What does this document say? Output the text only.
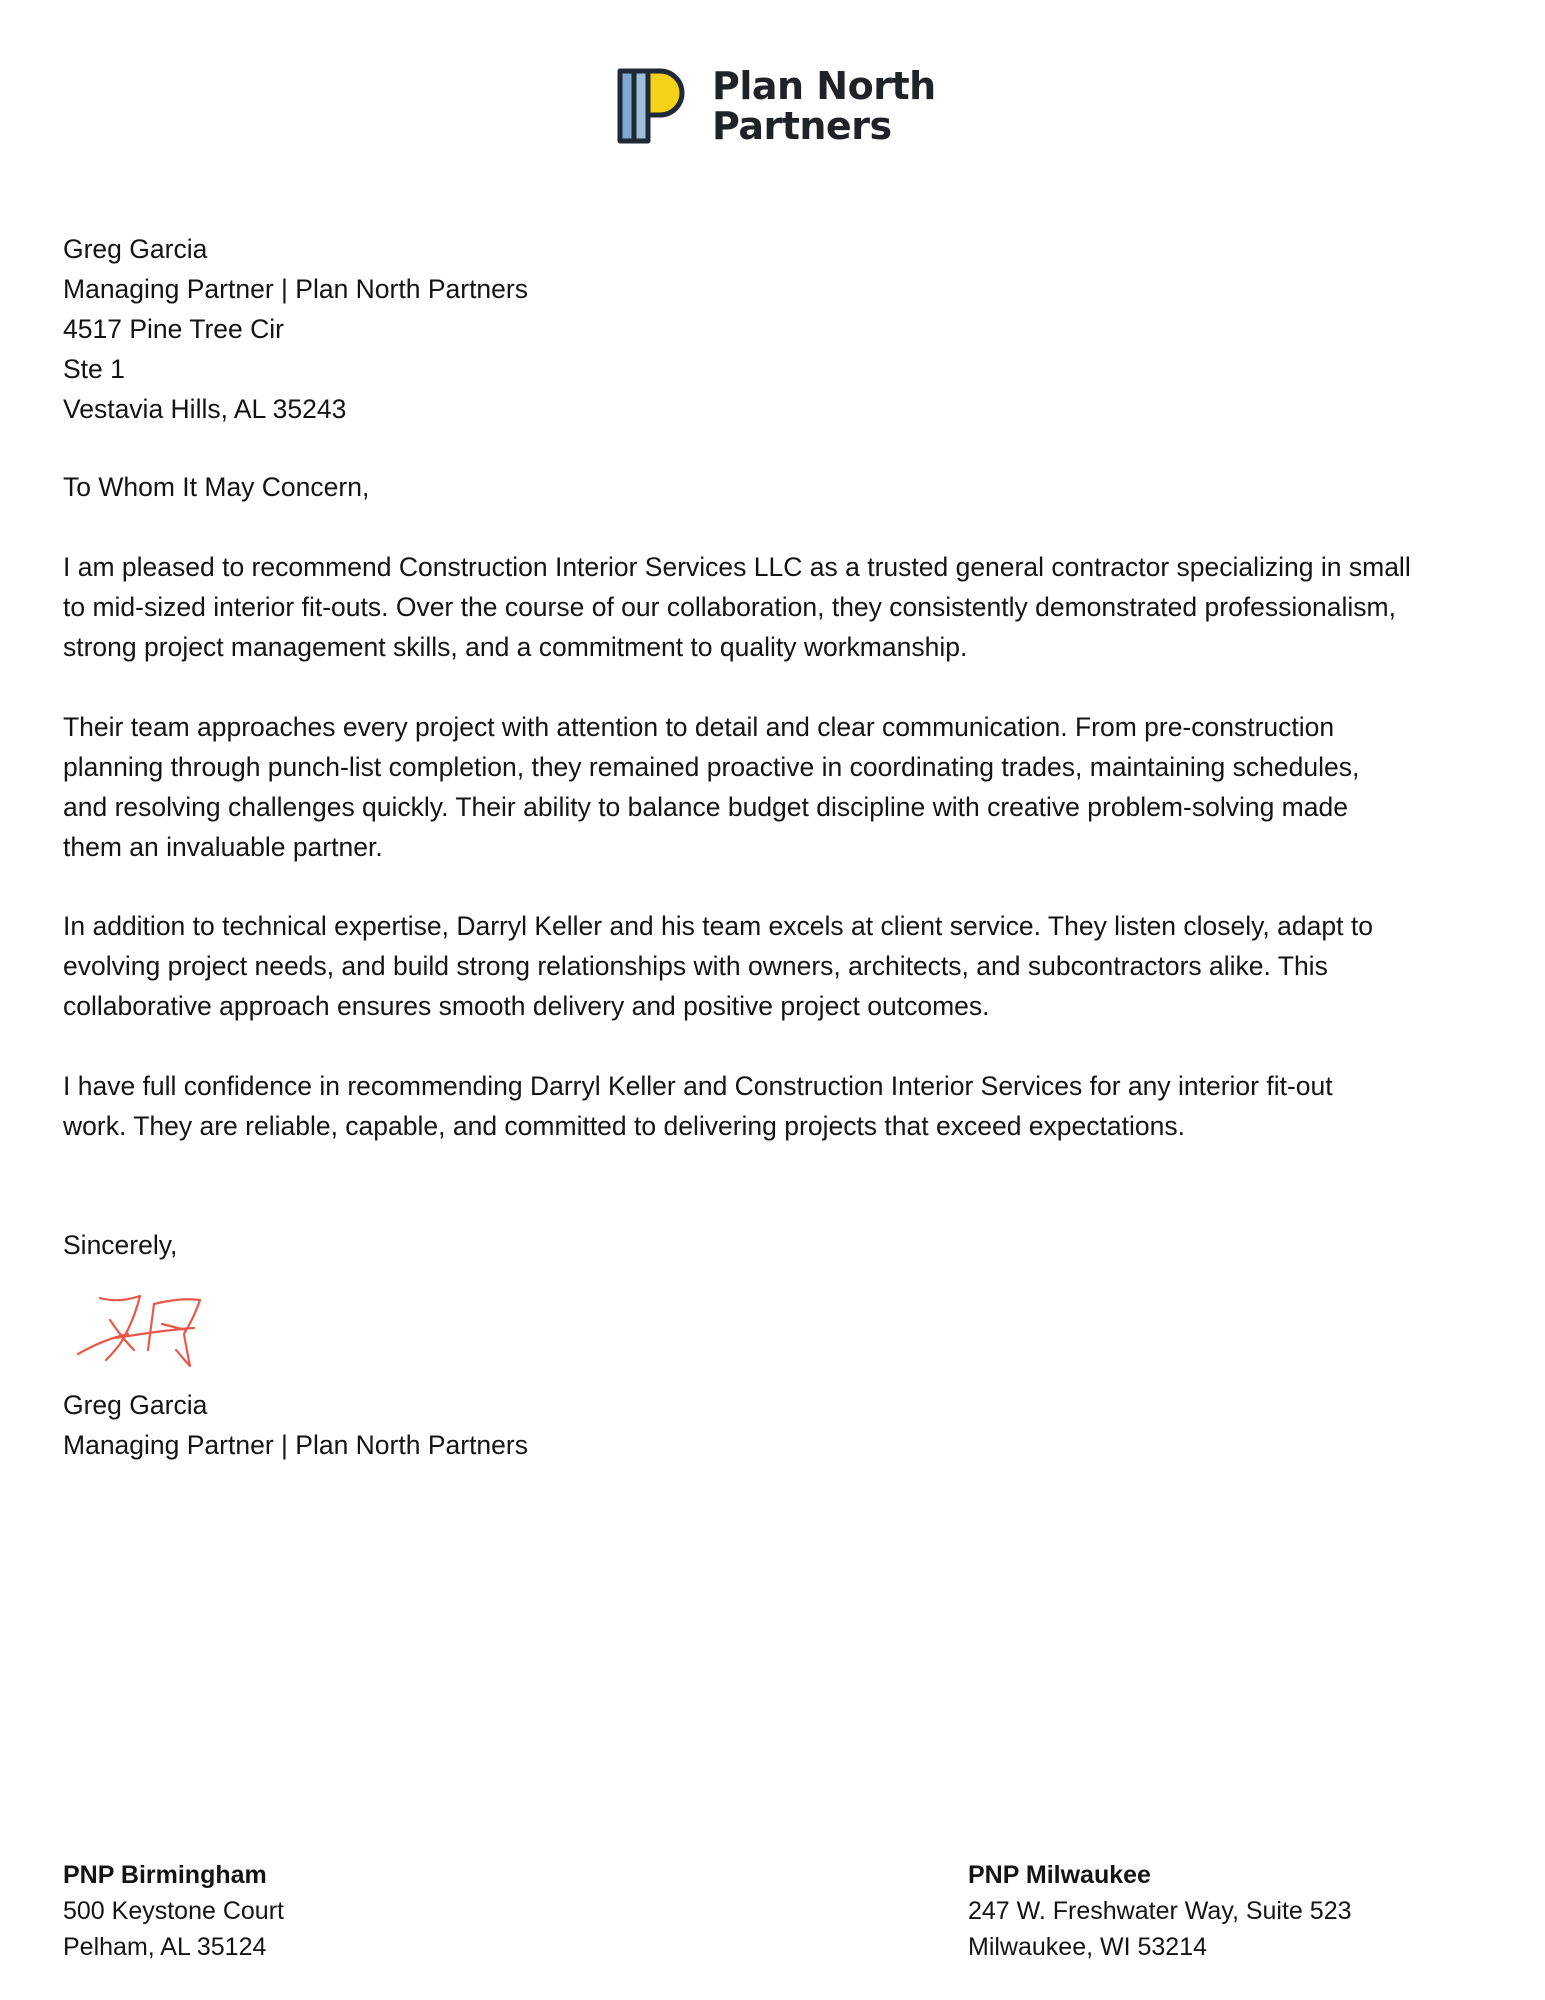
Plan North
Partners
Greg Garcia
Managing Partner | Plan North Partners
4517 Pine Tree Cir
Ste 1
Vestavia Hills, AL 35243
To Whom It May Concern,
I am pleased to recommend Construction Interior Services LLC as a trusted general contractor specializing in small
to mid-sized interior fit-outs. Over the course of our collaboration, they consistently demonstrated professionalism,
strong project management skills, and a commitment to quality workmanship.
Their team approaches every project with attention to detail and clear communication. From pre-construction
planning through punch-list completion, they remained proactive in coordinating trades, maintaining schedules,
and resolving challenges quickly. Their ability to balance budget discipline with creative problem-solving made
them an invaluable partner.
In addition to technical expertise, Darryl Keller and his team excels at client service. They listen closely, adapt to
evolving project needs, and build strong relationships with owners, architects, and subcontractors alike. This
collaborative approach ensures smooth delivery and positive project outcomes.
I have full confidence in recommending Darryl Keller and Construction Interior Services for any interior fit-out
work. They are reliable, capable, and committed to delivering projects that exceed expectations.
Sincerely,
Greg Garcia
Managing Partner | Plan North Partners
PNP Birmingham
500 Keystone Court
Pelham, AL 35124
PNP Milwaukee
247 W. Freshwater Way, Suite 523
Milwaukee, WI 53214
